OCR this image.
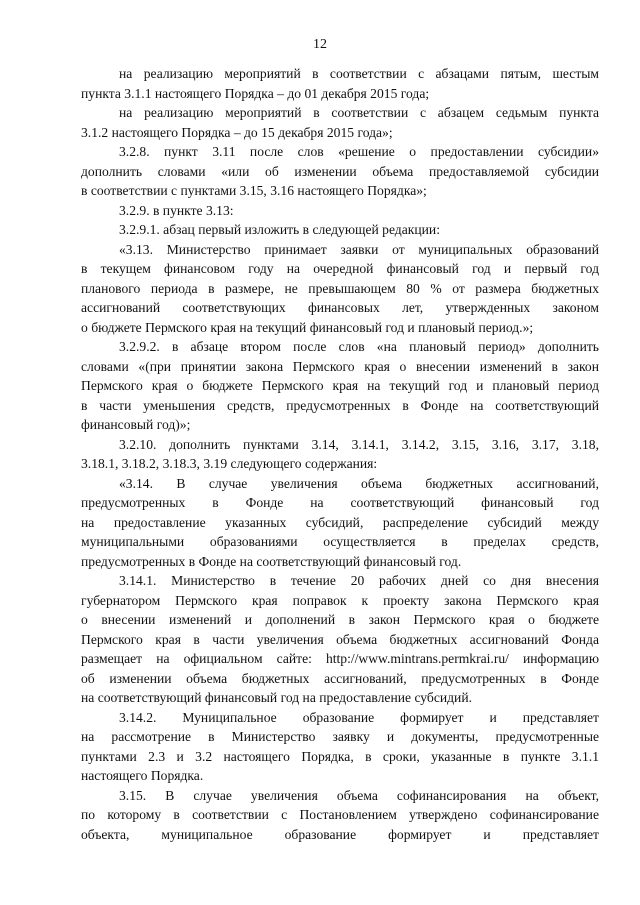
12

на реализацию мероприятий в соответствии с абзацами пятым, шестым
пункта 3.1.1 настоящего Порядка – до 01 декабря 2015 года;

на реализацию мероприятий в соответствии с абзацем седьмым пункта
3.1.2 настоящего Порядка – до 15 декабря 2015 года»;

3.2.8. пункт 3.11 после слов «решение о предоставлении субсидии»
дополнить словами «или об изменении объема предоставляемой субсидии
в соответствии с пунктами 3.15, 3.16 настоящего Порядка»;

3.2.9. в пункте 3.13:

3.2.9.1. абзац первый изложить в следующей редакции:

«3.13. Министерство принимает заявки от муниципальных образований
в текущем финансовом году на очередной финансовый год и первый год
планового периода в размере, не превышающем 80 % от размера бюджетных
ассигнований соответствующих финансовых лет, утвержденных законом
о бюджете Пермского края на текущий финансовый год и плановый период.»;

3.2.9.2. в абзаце втором после слов «на плановый период» дополнить
словами «(при принятии закона Пермского края о внесении изменений в закон
Пермского края о бюджете Пермского края на текущий год и плановый период
в части уменьшения средств, предусмотренных в Фонде на соответствующий
финансовый год)»;

3.2.10. дополнить пунктами 3.14, 3.14.1, 3.14.2, 3.15, 3.16, 3.17, 3.18,
3.18.1, 3.18.2, 3.18.3, 3.19 следующего содержания:

«3.14. В случае увеличения объема бюджетных ассигнований,
предусмотренных в Фонде на соответствующий финансовый год
на предоставление указанных субсидий, распределение субсидий между
муниципальными образованиями осуществляется в пределах средств,
предусмотренных в Фонде на соответствующий финансовый год.

3.14.1. Министерство в течение 20 рабочих дней со дня внесения
губернатором Пермского края поправок к проекту закона Пермского края
о внесении изменений и дополнений в закон Пермского края о бюджете
Пермского края в части увеличения объема бюджетных ассигнований Фонда
размещает на официальном сайте: http://www.mintrans.permkrai.ru/ информацию
об изменении объема бюджетных ассигнований, предусмотренных в Фонде
на соответствующий финансовый год на предоставление субсидий.

3.14.2. Муниципальное образование формирует и представляет
на рассмотрение в Министерство заявку и документы, предусмотренные
пунктами 2.3 и 3.2 настоящего Порядка, в сроки, указанные в пункте 3.1.1
настоящего Порядка.

3.15. В случае увеличения объема софинансирования на объект,
по которому в соответствии с Постановлением утверждено софинансирование
объекта, муниципальное образование формирует и представляет
